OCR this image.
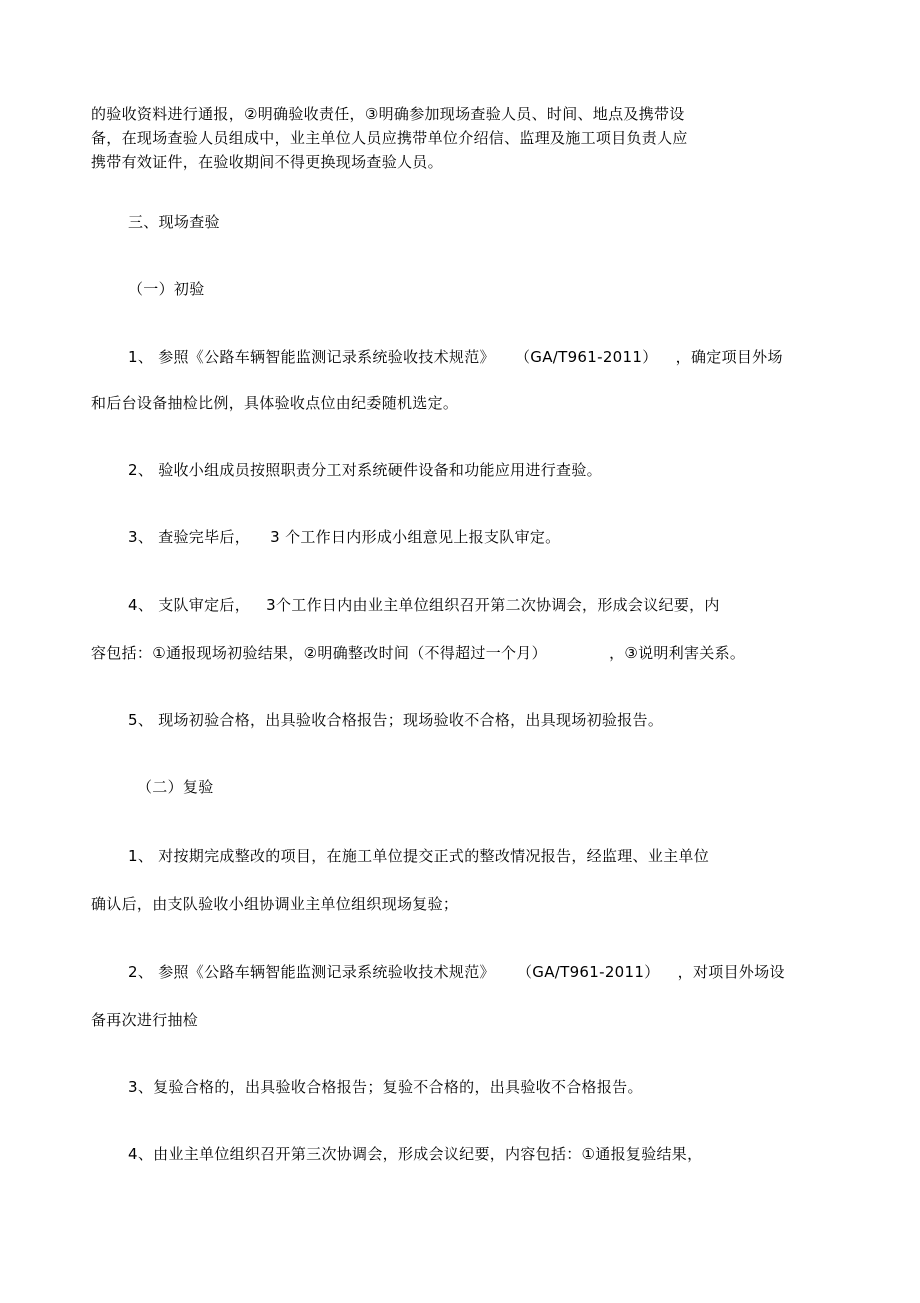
的验收资料进行通报，②明确验收责任，③明确参加现场查验人员、时间、地点及携带设
备，在现场查验人员组成中，业主单位人员应携带单位介绍信、监理及施工项目负责人应
携带有效证件，在验收期间不得更换现场查验人员。
三、现场查验
（一）初验
1、 参照《公路车辆智能监测记录系统验收技术规范》 （GA/T961-2011） ，确定项目外场
和后台设备抽检比例，具体验收点位由纪委随机选定。
2、 验收小组成员按照职责分工对系统硬件设备和功能应用进行查验。
3、 查验完毕后， 3 个工作日内形成小组意见上报支队审定。
4、 支队审定后， 3个工作日内由业主单位组织召开第二次协调会，形成会议纪要，内
容包括：①通报现场初验结果，②明确整改时间（不得超过一个月）	，③说明利害关系。
5、 现场初验合格，出具验收合格报告；现场验收不合格，出具现场初验报告。
（二）复验
1、 对按期完成整改的项目，在施工单位提交正式的整改情况报告，经监理、业主单位
确认后，由支队验收小组协调业主单位组织现场复验；
2、 参照《公路车辆智能监测记录系统验收技术规范》 （GA/T961-2011） ，对项目外场设
备再次进行抽检
3、复验合格的，出具验收合格报告；复验不合格的，出具验收不合格报告。
4、由业主单位组织召开第三次协调会，形成会议纪要，内容包括：①通报复验结果，
